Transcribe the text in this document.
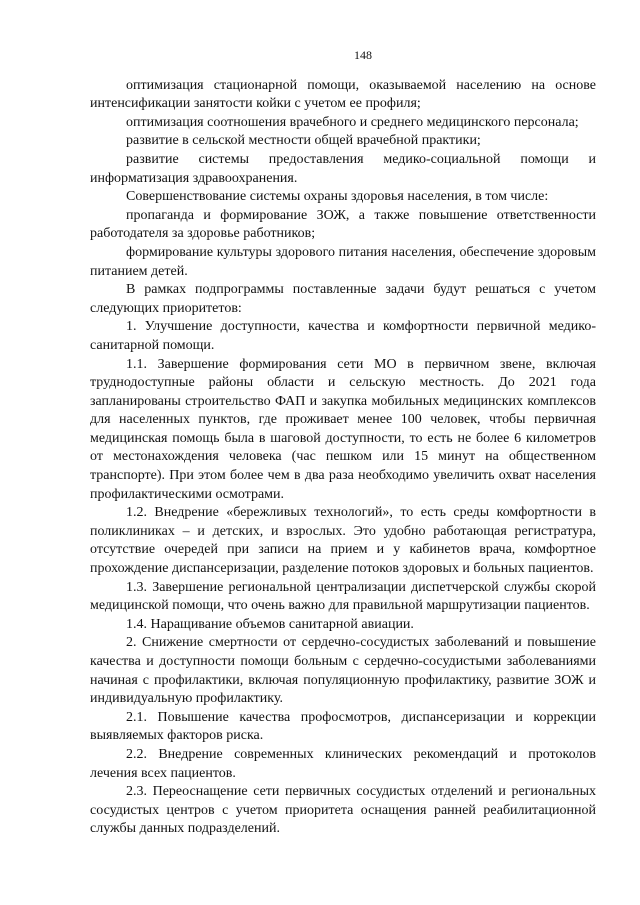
148

оптимизация стационарной помощи, оказываемой населению на основе интенсификации занятости койки с учетом ее профиля;

оптимизация соотношения врачебного и среднего медицинского персонала;

развитие в сельской местности общей врачебной практики;

развитие системы предоставления медико-социальной помощи и информатизация здравоохранения.

Совершенствование системы охраны здоровья населения, в том числе:

пропаганда и формирование ЗОЖ, а также повышение ответственности работодателя за здоровье работников;

формирование культуры здорового питания населения, обеспечение здоровым питанием детей.

В рамках подпрограммы поставленные задачи будут решаться с учетом следующих приоритетов:

1. Улучшение доступности, качества и комфортности первичной медико-санитарной помощи.

1.1. Завершение формирования сети МО в первичном звене, включая труднодоступные районы области и сельскую местность. До 2021 года запланированы строительство ФАП и закупка мобильных медицинских комплексов для населенных пунктов, где проживает менее 100 человек, чтобы первичная медицинская помощь была в шаговой доступности, то есть не более 6 километров от местонахождения человека (час пешком или 15 минут на общественном транспорте). При этом более чем в два раза необходимо увеличить охват населения профилактическими осмотрами.

1.2. Внедрение «бережливых технологий», то есть среды комфортности в поликлиниках – и детских, и взрослых. Это удобно работающая регистратура, отсутствие очередей при записи на прием и у кабинетов врача, комфортное прохождение диспансеризации, разделение потоков здоровых и больных пациентов.

1.3. Завершение региональной централизации диспетчерской службы скорой медицинской помощи, что очень важно для правильной маршрутизации пациентов.

1.4. Наращивание объемов санитарной авиации.

2. Снижение смертности от сердечно-сосудистых заболеваний и повышение качества и доступности помощи больным с сердечно-сосудистыми заболеваниями начиная с профилактики, включая популяционную профилактику, развитие ЗОЖ и индивидуальную профилактику.

2.1. Повышение качества профосмотров, диспансеризации и коррекции выявляемых факторов риска.

2.2. Внедрение современных клинических рекомендаций и протоколов лечения всех пациентов.

2.3. Переоснащение сети первичных сосудистых отделений и региональных сосудистых центров с учетом приоритета оснащения ранней реабилитационной службы данных подразделений.
